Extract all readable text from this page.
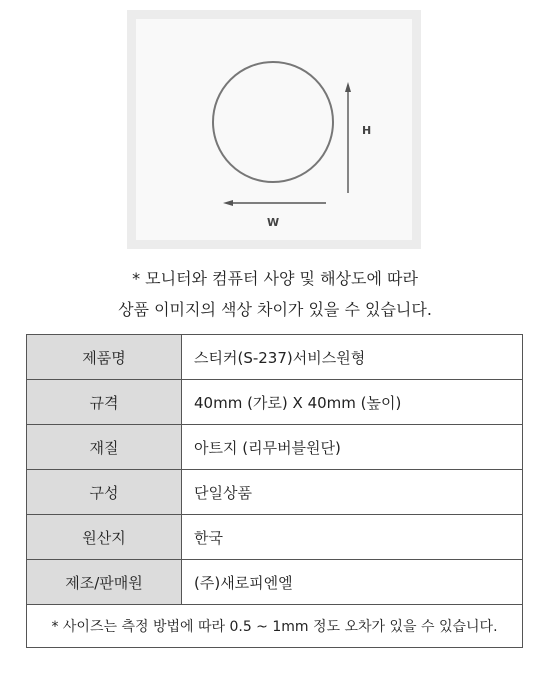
H
W
* 모니터와 컴퓨터 사양 및 해상도에 따라
상품 이미지의 색상 차이가 있을 수 있습니다.
제품명	스티커(S-237)서비스원형
규격	40mm (가로) X 40mm (높이)
재질	아트지 (리무버블원단)
구성	단일상품
원산지	한국
제조/판매원	(주)새로피엔엘
* 사이즈는 측정 방법에 따라 0.5 ~ 1mm 정도 오차가 있을 수 있습니다.	
